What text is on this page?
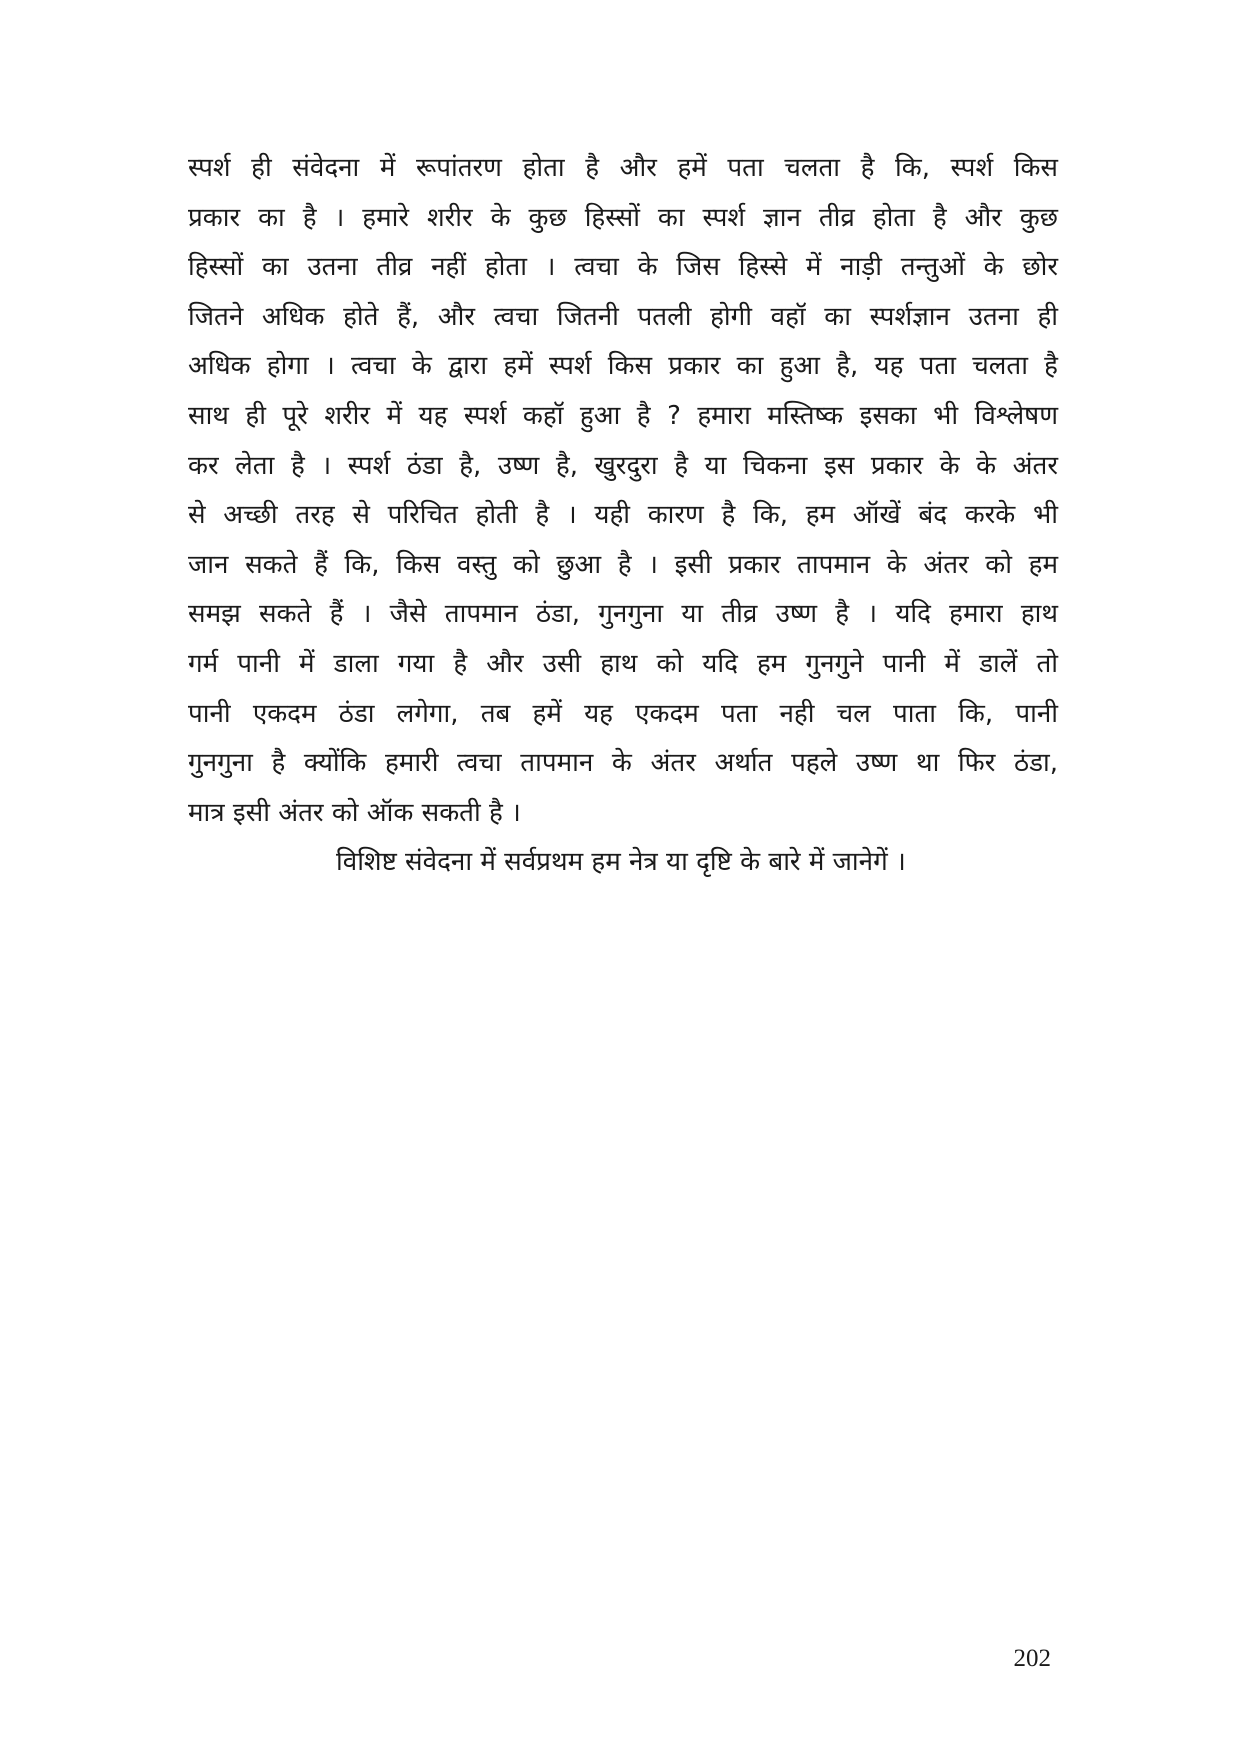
स्पर्श ही संवेदना में रूपांतरण होता है और हमें पता चलता है कि, स्पर्श किस
प्रकार का है । हमारे शरीर के कुछ हिस्सों का स्पर्श ज्ञान तीव्र होता है और कुछ
हिस्सों का उतना तीव्र नहीं होता । त्वचा के जिस हिस्से में नाड़ी तन्तुओं के छोर
जितने अधिक होते हैं, और त्वचा जितनी पतली होगी वहॉ का स्पर्शज्ञान उतना ही
अधिक होगा । त्वचा के द्वारा हमें स्पर्श किस प्रकार का हुआ है, यह पता चलता है
साथ ही पूरे शरीर में यह स्पर्श कहॉ हुआ है ? हमारा मस्तिष्क इसका भी विश्लेषण
कर लेता है । स्पर्श ठंडा है, उष्ण है, खुरदुरा है या चिकना इस प्रकार के के अंतर
से अच्छी तरह से परिचित होती है । यही कारण है कि, हम ऑखें बंद करके भी
जान सकते हैं कि, किस वस्तु को छुआ है । इसी प्रकार तापमान के अंतर को हम
समझ सकते हैं । जैसे तापमान ठंडा, गुनगुना या तीव्र उष्ण है । यदि हमारा हाथ
गर्म पानी में डाला गया है और उसी हाथ को यदि हम गुनगुने पानी में डालें तो
पानी एकदम ठंडा लगेगा, तब हमें यह एकदम पता नही चल पाता कि, पानी
गुनगुना है क्योंकि हमारी त्वचा तापमान के अंतर अर्थात पहले उष्ण था फिर ठंडा,
मात्र इसी अंतर को ऑक सकती है ।
विशिष्ट संवेदना में सर्वप्रथम हम नेत्र या दृष्टि के बारे में जानेगें ।
202
